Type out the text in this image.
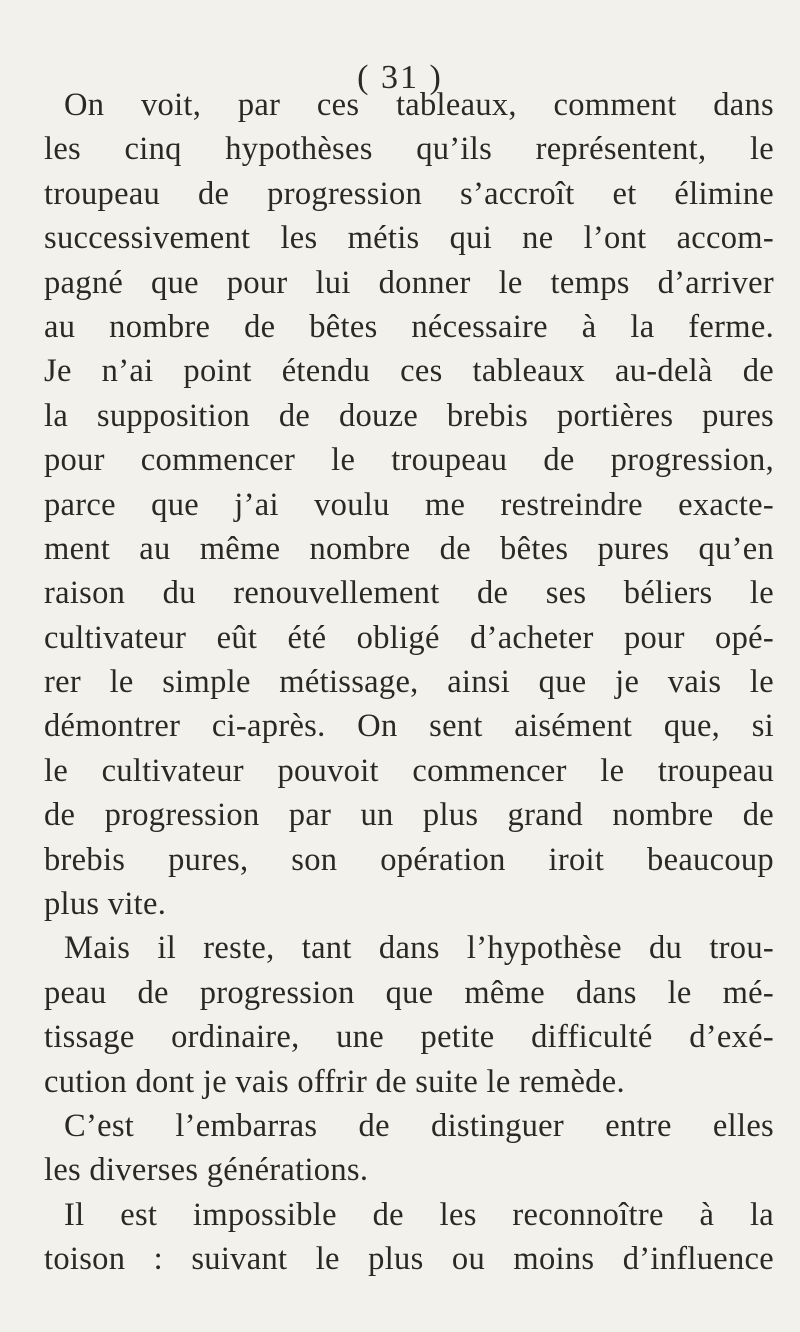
( 31 )
On voit, par ces tableaux, comment dans
les cinq hypothèses qu’ils représentent, le
troupeau de progression s’accroît et élimine
successivement les métis qui ne l’ont accom-
pagné que pour lui donner le temps d’arriver
au nombre de bêtes nécessaire à la ferme.
Je n’ai point étendu ces tableaux au-delà de
la supposition de douze brebis portières pures
pour commencer le troupeau de progression,
parce que j’ai voulu me restreindre exacte-
ment au même nombre de bêtes pures qu’en
raison du renouvellement de ses béliers le
cultivateur eût été obligé d’acheter pour opé-
rer le simple métissage, ainsi que je vais le
démontrer ci-après. On sent aisément que, si
le cultivateur pouvoit commencer le troupeau
de progression par un plus grand nombre de
brebis pures, son opération iroit beaucoup
plus vite.
Mais il reste, tant dans l’hypothèse du trou-
peau de progression que même dans le mé-
tissage ordinaire, une petite difficulté d’exé-
cution dont je vais offrir de suite le remède.
C’est l’embarras de distinguer entre elles
les diverses générations.
Il est impossible de les reconnoître à la
toison : suivant le plus ou moins d’influence
